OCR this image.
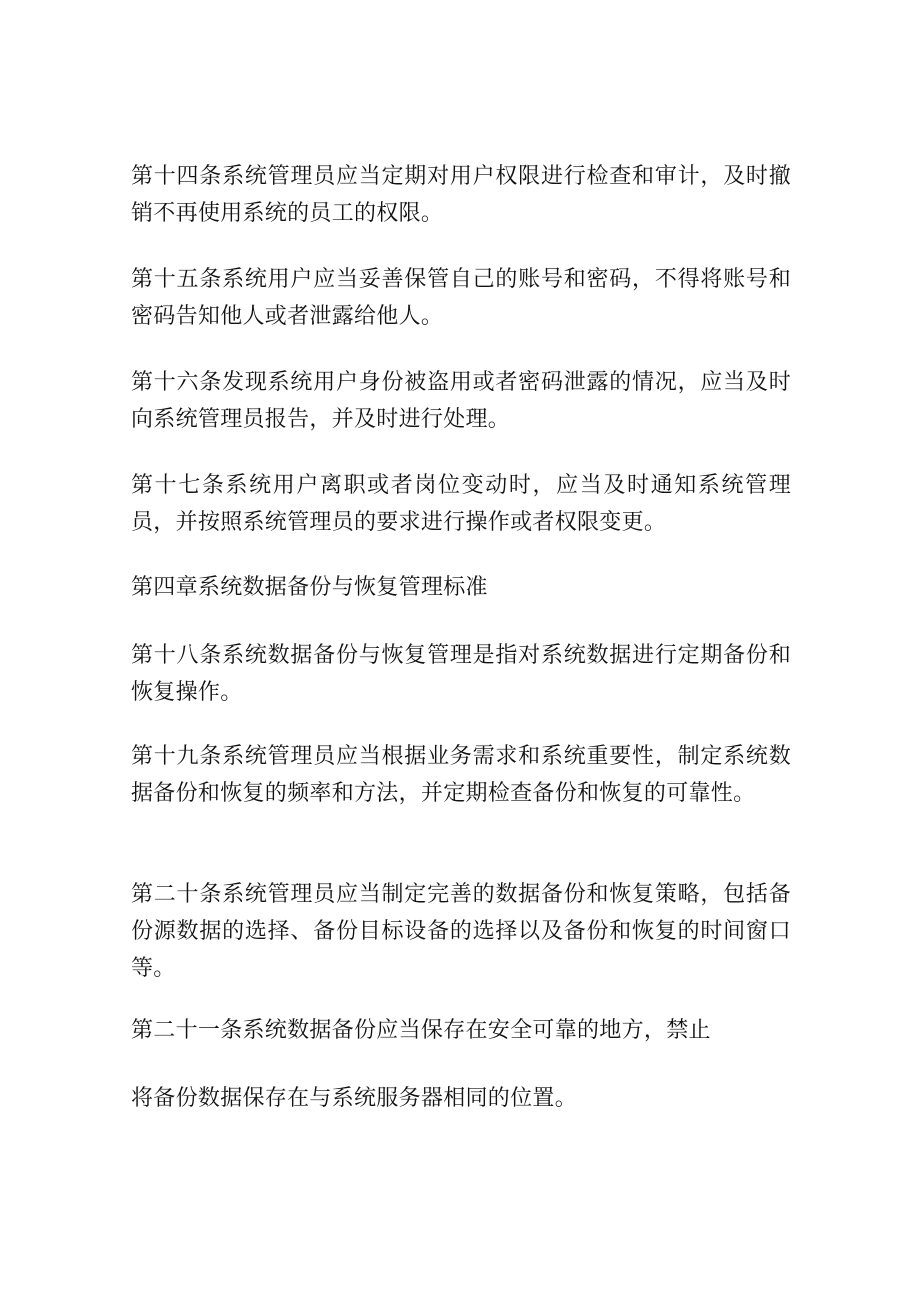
第十四条系统管理员应当定期对用户权限进行检查和审计，及时撤销不再使用系统的员工的权限。

第十五条系统用户应当妥善保管自己的账号和密码，不得将账号和密码告知他人或者泄露给他人。

第十六条发现系统用户身份被盗用或者密码泄露的情况，应当及时向系统管理员报告，并及时进行处理。

第十七条系统用户离职或者岗位变动时，应当及时通知系统管理员，并按照系统管理员的要求进行操作或者权限变更。

第四章系统数据备份与恢复管理标准

第十八条系统数据备份与恢复管理是指对系统数据进行定期备份和恢复操作。

第十九条系统管理员应当根据业务需求和系统重要性，制定系统数据备份和恢复的频率和方法，并定期检查备份和恢复的可靠性。

第二十条系统管理员应当制定完善的数据备份和恢复策略，包括备份源数据的选择、备份目标设备的选择以及备份和恢复的时间窗口等。

第二十一条系统数据备份应当保存在安全可靠的地方，禁止

将备份数据保存在与系统服务器相同的位置。
